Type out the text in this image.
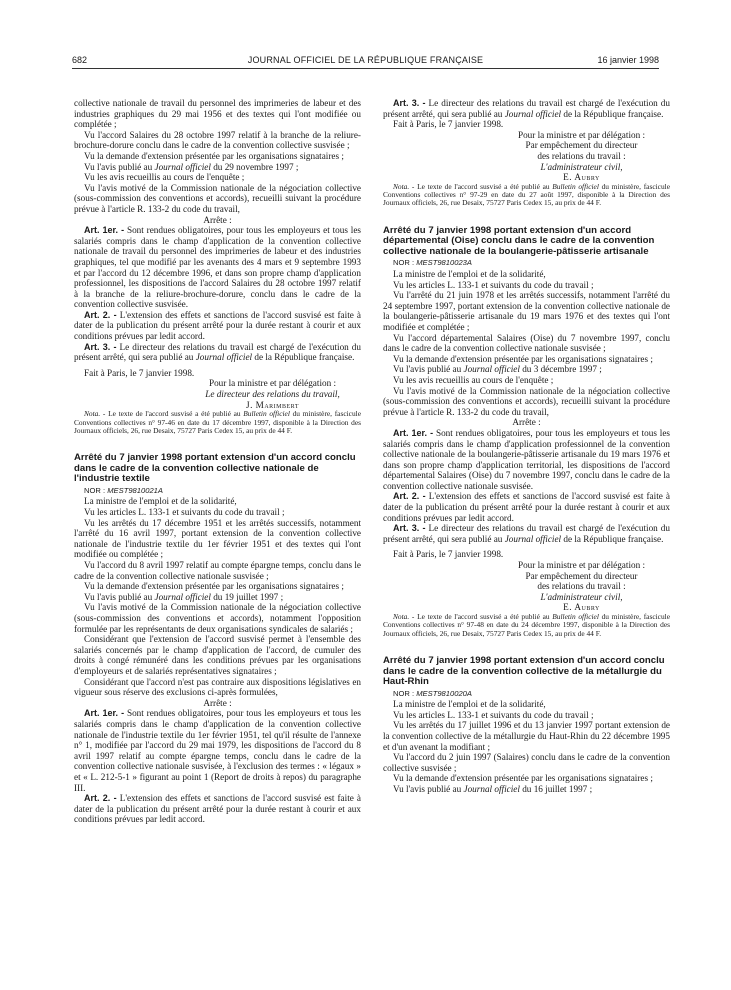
682	JOURNAL OFFICIEL DE LA RÉPUBLIQUE FRANÇAISE	16 janvier 1998

collective nationale de travail du personnel des imprimeries de labeur et des industries graphiques du 29 mai 1956 et des textes qui l'ont modifiée ou complétée ;

Vu l'accord Salaires du 28 octobre 1997 relatif à la branche de la reliure-brochure-dorure conclu dans le cadre de la convention collective susvisée ;

Vu la demande d'extension présentée par les organisations signataires ;

Vu l'avis publié au Journal officiel du 29 novembre 1997 ;

Vu les avis recueillis au cours de l'enquête ;

Vu l'avis motivé de la Commission nationale de la négociation collective (sous-commission des conventions et accords), recueilli suivant la procédure prévue à l'article R. 133-2 du code du travail,

Arrête :

Art. 1er. - Sont rendues obligatoires, pour tous les employeurs et tous les salariés compris dans le champ d'application de la convention collective nationale de travail du personnel des imprimeries de labeur et des industries graphiques, tel que modifié par les avenants des 4 mars et 9 septembre 1993 et par l'accord du 12 décembre 1996, et dans son propre champ d'application professionnel, les dispositions de l'accord Salaires du 28 octobre 1997 relatif à la branche de la reliure-brochure-dorure, conclu dans le cadre de la convention collective susvisée.

Art. 2. - L'extension des effets et sanctions de l'accord susvisé est faite à dater de la publication du présent arrêté pour la durée restant à courir et aux conditions prévues par ledit accord.

Art. 3. - Le directeur des relations du travail est chargé de l'exécution du présent arrêté, qui sera publié au Journal officiel de la République française.

Fait à Paris, le 7 janvier 1998.

Pour la ministre et par délégation :
Le directeur des relations du travail,
J. Marimbert

Nota. - Le texte de l'accord susvisé a été publié au Bulletin officiel du ministère, fascicule Conventions collectives n° 97-46 en date du 17 décembre 1997, disponible à la Direction des Journaux officiels, 26, rue Desaix, 75727 Paris Cedex 15, au prix de 44 F.

Arrêté du 7 janvier 1998 portant extension d'un accord conclu dans le cadre de la convention collective nationale de l'industrie textile

NOR : MEST9810021A

La ministre de l'emploi et de la solidarité,

Vu les articles L. 133-1 et suivants du code du travail ;

Vu les arrêtés du 17 décembre 1951 et les arrêtés successifs, notamment l'arrêté du 16 avril 1997, portant extension de la convention collective nationale de l'industrie textile du 1er février 1951 et des textes qui l'ont modifiée ou complétée ;

Vu l'accord du 8 avril 1997 relatif au compte épargne temps, conclu dans le cadre de la convention collective nationale susvisée ;

Vu la demande d'extension présentée par les organisations signataires ;

Vu l'avis publié au Journal officiel du 19 juillet 1997 ;

Vu l'avis motivé de la Commission nationale de la négociation collective (sous-commission des conventions et accords), notamment l'opposition formulée par les représentants de deux organisations syndicales de salariés ;

Considérant que l'extension de l'accord susvisé permet à l'ensemble des salariés concernés par le champ d'application de l'accord, de cumuler des droits à congé rémunéré dans les conditions prévues par les organisations d'employeurs et de salariés représentatives signataires ;

Considérant que l'accord n'est pas contraire aux dispositions législatives en vigueur sous réserve des exclusions ci-après formulées,

Arrête :

Art. 1er. - Sont rendues obligatoires, pour tous les employeurs et tous les salariés compris dans le champ d'application de la convention collective nationale de l'industrie textile du 1er février 1951, tel qu'il résulte de l'annexe n° 1, modifiée par l'accord du 29 mai 1979, les dispositions de l'accord du 8 avril 1997 relatif au compte épargne temps, conclu dans le cadre de la convention collective nationale susvisée, à l'exclusion des termes : « légaux » et « L. 212-5-1 » figurant au point 1 (Report de droits à repos) du paragraphe III.

Art. 2. - L'extension des effets et sanctions de l'accord susvisé est faite à dater de la publication du présent arrêté pour la durée restant à courir et aux conditions prévues par ledit accord.

Art. 3. - Le directeur des relations du travail est chargé de l'exécution du présent arrêté, qui sera publié au Journal officiel de la République française.

Fait à Paris, le 7 janvier 1998.

Pour la ministre et par délégation :
Par empêchement du directeur
des relations du travail :
L'administrateur civil,
E. Aubry

Nota. - Le texte de l'accord susvisé a été publié au Bulletin officiel du ministère, fascicule Conventions collectives n° 97-29 en date du 27 août 1997, disponible à la Direction des Journaux officiels, 26, rue Desaix, 75727 Paris Cedex 15, au prix de 44 F.

Arrêté du 7 janvier 1998 portant extension d'un accord départemental (Oise) conclu dans le cadre de la convention collective nationale de la boulangerie-pâtisserie artisanale

NOR : MEST9810023A

La ministre de l'emploi et de la solidarité,

Vu les articles L. 133-1 et suivants du code du travail ;

Vu l'arrêté du 21 juin 1978 et les arrêtés successifs, notamment l'arrêté du 24 septembre 1997, portant extension de la convention collective nationale de la boulangerie-pâtisserie artisanale du 19 mars 1976 et des textes qui l'ont modifiée et complétée ;

Vu l'accord départemental Salaires (Oise) du 7 novembre 1997, conclu dans le cadre de la convention collective nationale susvisée ;

Vu la demande d'extension présentée par les organisations signataires ;

Vu l'avis publié au Journal officiel du 3 décembre 1997 ;

Vu les avis recueillis au cours de l'enquête ;

Vu l'avis motivé de la Commission nationale de la négociation collective (sous-commission des conventions et accords), recueilli suivant la procédure prévue à l'article R. 133-2 du code du travail,

Arrête :

Art. 1er. - Sont rendues obligatoires, pour tous les employeurs et tous les salariés compris dans le champ d'application professionnel de la convention collective nationale de la boulangerie-pâtisserie artisanale du 19 mars 1976 et dans son propre champ d'application territorial, les dispositions de l'accord départemental Salaires (Oise) du 7 novembre 1997, conclu dans le cadre de la convention collective nationale susvisée.

Art. 2. - L'extension des effets et sanctions de l'accord susvisé est faite à dater de la publication du présent arrêté pour la durée restant à courir et aux conditions prévues par ledit accord.

Art. 3. - Le directeur des relations du travail est chargé de l'exécution du présent arrêté, qui sera publié au Journal officiel de la République française.

Fait à Paris, le 7 janvier 1998.

Pour la ministre et par délégation :
Par empêchement du directeur
des relations du travail :
L'administrateur civil,
E. Aubry

Nota. - Le texte de l'accord susvisé a été publié au Bulletin officiel du ministère, fascicule Conventions collectives n° 97-48 en date du 24 décembre 1997, disponible à la Direction des Journaux officiels, 26, rue Desaix, 75727 Paris Cedex 15, au prix de 44 F.

Arrêté du 7 janvier 1998 portant extension d'un accord conclu dans le cadre de la convention collective de la métallurgie du Haut-Rhin

NOR : MEST9810020A

La ministre de l'emploi et de la solidarité,

Vu les articles L. 133-1 et suivants du code du travail ;

Vu les arrêtés du 17 juillet 1996 et du 13 janvier 1997 portant extension de la convention collective de la métallurgie du Haut-Rhin du 22 décembre 1995 et d'un avenant la modifiant ;

Vu l'accord du 2 juin 1997 (Salaires) conclu dans le cadre de la convention collective susvisée ;

Vu la demande d'extension présentée par les organisations signataires ;

Vu l'avis publié au Journal officiel du 16 juillet 1997 ;
